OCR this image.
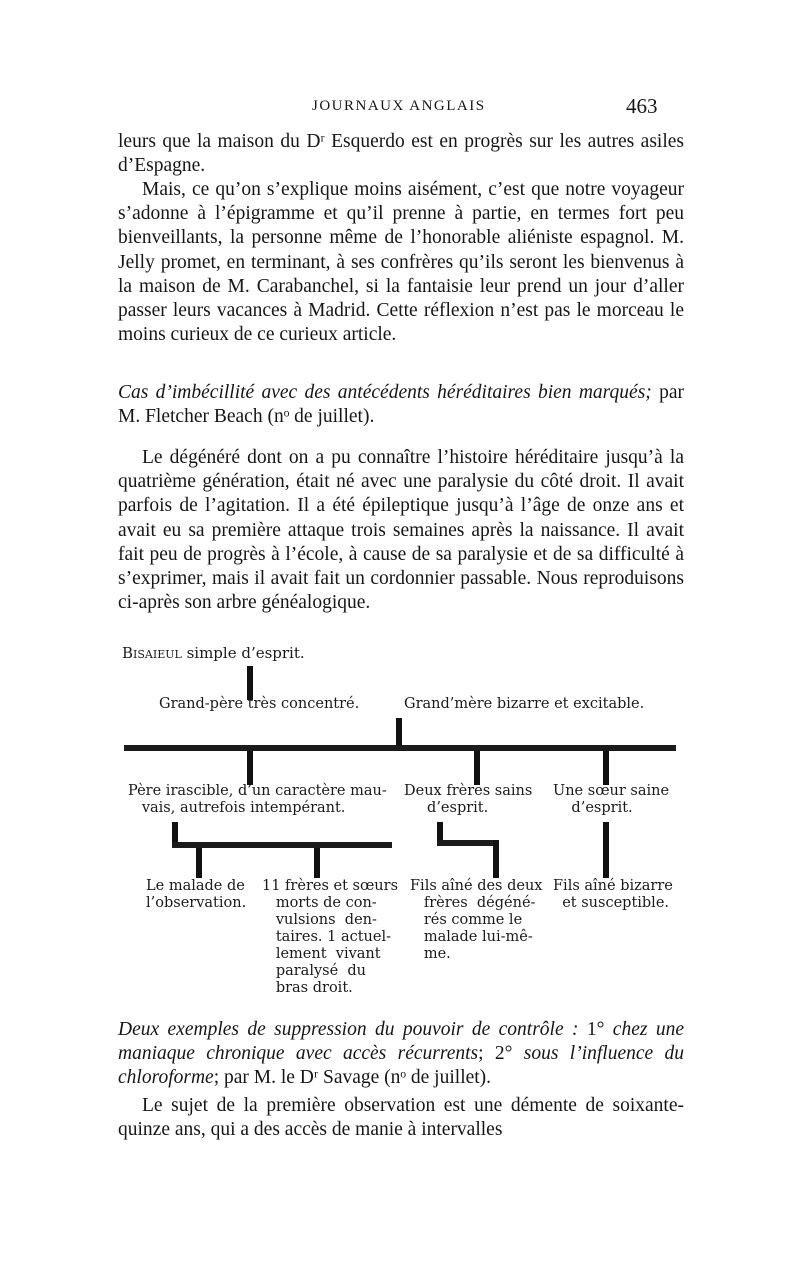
JOURNAUX ANGLAIS	463

leurs que la maison du Dʳ Esquerdo est en progrès sur les autres asiles d’Espagne.

Mais, ce qu’on s’explique moins aisément, c’est que notre voyageur s’adonne à l’épigramme et qu’il prenne à partie, en termes fort peu bienveillants, la personne même de l’honorable aliéniste espagnol. M. Jelly promet, en terminant, à ses confrères qu’ils seront les bienvenus à la maison de M. Carabanchel, si la fantaisie leur prend un jour d’aller passer leurs vacances à Madrid. Cette réflexion n’est pas le morceau le moins curieux de ce curieux article.

Cas d’imbécillité avec des antécédents héréditaires bien marqués; par M. Fletcher Beach (nᵒ de juillet).

Le dégénéré dont on a pu connaître l’histoire héréditaire jusqu’à la quatrième génération, était né avec une paralysie du côté droit. Il avait parfois de l’agitation. Il a été épileptique jusqu’à l’âge de onze ans et avait eu sa première attaque trois semaines après la naissance. Il avait fait peu de progrès à l’école, à cause de sa paralysie et de sa difficulté à s’exprimer, mais il avait fait un cordonnier passable. Nous reproduisons ci-après son arbre généalogique.

Bisaieul simple d’esprit.
Grand-père très concentré.	Grand’mère bizarre et excitable.
Père irascible, d’un caractère mau-
vais, autrefois intempérant.
Deux frères sains
d’esprit.
Une sœur saine
d’esprit.
Le malade de
l’observation.
11 frères et sœurs
morts de con-
vulsions  den-
taires. 1 actuel-
lement  vivant
paralysé  du
bras droit.
Fils aîné des deux
frères  dégéné-
rés comme le
malade lui-mê-
me.
Fils aîné bizarre
et susceptible.

Deux exemples de suppression du pouvoir de contrôle : 1° chez une maniaque chronique avec accès récurrents; 2° sous l’influence du chloroforme; par M. le Dʳ Savage (nᵒ de juillet).

Le sujet de la première observation est une démente de soixante-quinze ans, qui a des accès de manie à intervalles
